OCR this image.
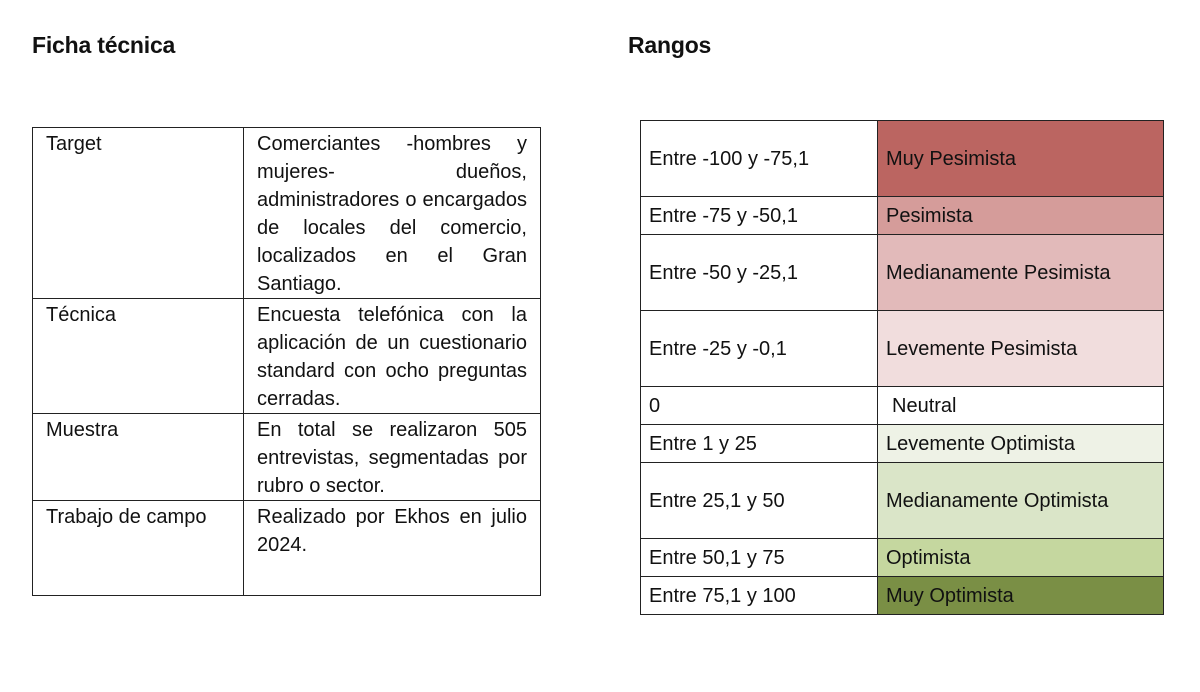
Ficha técnica	Rangos
Target	Comerciantes -hombres y mujeres- dueños, administradores o encargados de locales del comercio, localizados en el Gran Santiago.
Técnica	Encuesta telefónica con la aplicación de un cuestionario standard con ocho preguntas cerradas.
Muestra	En total se realizaron 505 entrevistas, segmentadas por rubro o sector.
Trabajo de campo	Realizado por Ekhos en julio 2024.
Entre -100 y -75,1	Muy Pesimista
Entre -75 y -50,1	Pesimista
Entre -50 y -25,1	Medianamente Pesimista
Entre -25 y -0,1	Levemente Pesimista
0	Neutral
Entre 1 y 25	Levemente Optimista
Entre 25,1 y 50	Medianamente Optimista
Entre 50,1 y 75	Optimista
Entre 75,1 y 100	Muy Optimista
